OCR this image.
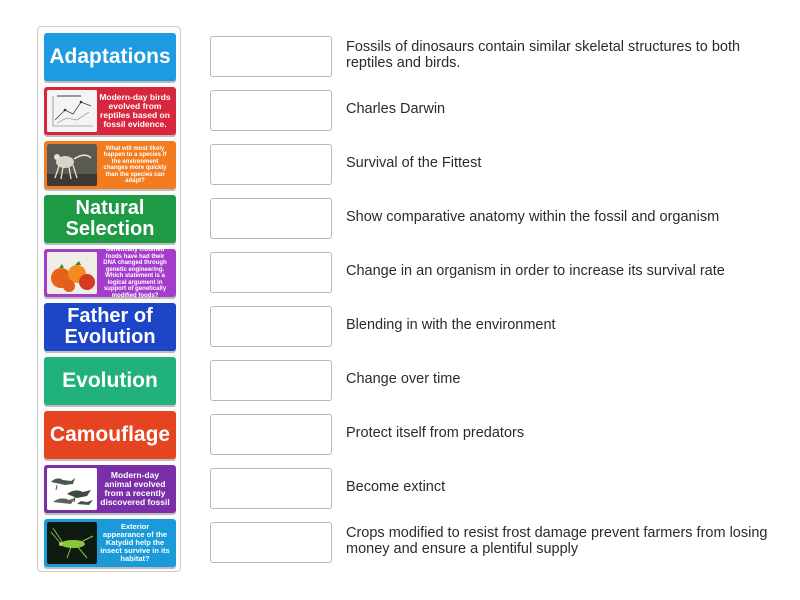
Adaptations
Modern-day birds evolved from reptiles based on fossil evidence.
What will most likely happen to a species if the environment changes more quickly than the species can adapt?
Natural Selection
Genetically modified foods have had their DNA changed through genetic engineering. Which statement is a logical argument in support of genetically modified foods?
Father of Evolution
Evolution
Camouflage
Modern-day animal evolved from a recently discovered fossil
Exterior appearance of the Katydid help the insect survive in its habitat?
Fossils of dinosaurs contain similar skeletal structures to both reptiles and birds.
Charles Darwin
Survival of the Fittest
Show comparative anatomy within the fossil and organism
Change in an organism in order to increase its survival rate
Blending in with the environment
Change over time
Protect itself from predators
Become extinct
Crops modified to resist frost damage prevent farmers from losing money and ensure a plentiful supply
